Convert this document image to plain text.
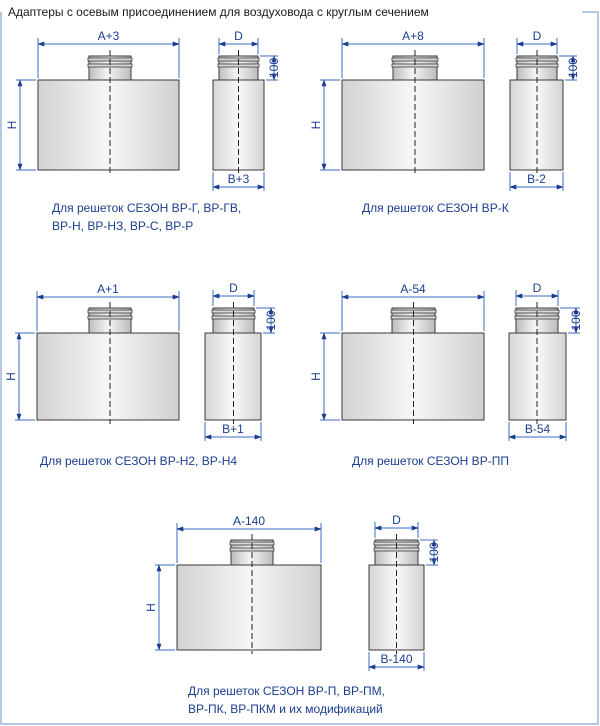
Адаптеры с осевым присоединением для воздуховода с круглым сечением
A+3
H
D
100
B+3
Для решеток СЕЗОН ВР-Г, ВР-ГВ,
ВР-Н, ВР-НЗ, ВР-С, ВР-Р
A+8
H
D
100
B-2
Для решеток СЕЗОН ВР-К
A+1
H
D
100
B+1
Для решеток СЕЗОН ВР-Н2, ВР-Н4
A-54
H
D
100
B-54
Для решеток СЕЗОН ВР-ПП
A-140
H
D
100
B-140
Для решеток СЕЗОН ВР-П, ВР-ПМ,
ВР-ПК, ВР-ПКМ и их модификаций
